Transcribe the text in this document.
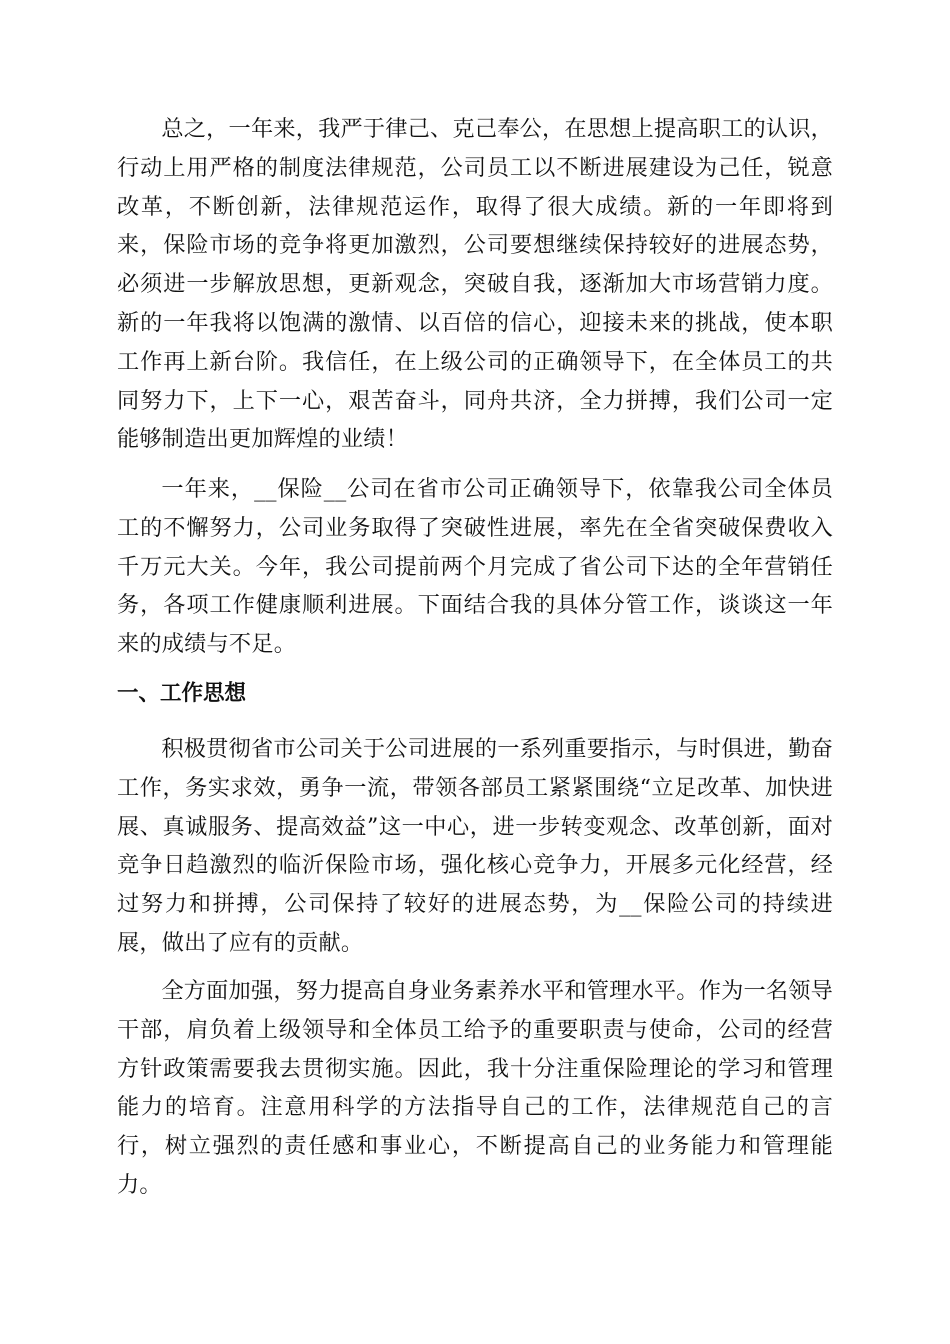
总之，一年来，我严于律己、克己奉公，在思想上提高职工的认识，行动上用严格的制度法律规范，公司员工以不断进展建设为己任，锐意改革，不断创新，法律规范运作，取得了很大成绩。新的一年即将到来，保险市场的竞争将更加激烈，公司要想继续保持较好的进展态势，必须进一步解放思想，更新观念，突破自我，逐渐加大市场营销力度。新的一年我将以饱满的激情、以百倍的信心，迎接未来的挑战，使本职工作再上新台阶。我信任，在上级公司的正确领导下，在全体员工的共同努力下，上下一心，艰苦奋斗，同舟共济，全力拼搏，我们公司一定能够制造出更加辉煌的业绩！

一年来，__保险__公司在省市公司正确领导下，依靠我公司全体员工的不懈努力，公司业务取得了突破性进展，率先在全省突破保费收入千万元大关。今年，我公司提前两个月完成了省公司下达的全年营销任务，各项工作健康顺利进展。下面结合我的具体分管工作，谈谈这一年来的成绩与不足。

一、工作思想

积极贯彻省市公司关于公司进展的一系列重要指示，与时俱进，勤奋工作，务实求效，勇争一流，带领各部员工紧紧围绕“立足改革、加快进展、真诚服务、提高效益”这一中心，进一步转变观念、改革创新，面对竞争日趋激烈的临沂保险市场，强化核心竞争力，开展多元化经营，经过努力和拼搏，公司保持了较好的进展态势，为__保险公司的持续进展，做出了应有的贡献。

全方面加强，努力提高自身业务素养水平和管理水平。作为一名领导干部，肩负着上级领导和全体员工给予的重要职责与使命，公司的经营方针政策需要我去贯彻实施。因此，我十分注重保险理论的学习和管理能力的培育。注意用科学的方法指导自己的工作，法律规范自己的言行，树立强烈的责任感和事业心，不断提高自己的业务能力和管理能力。
